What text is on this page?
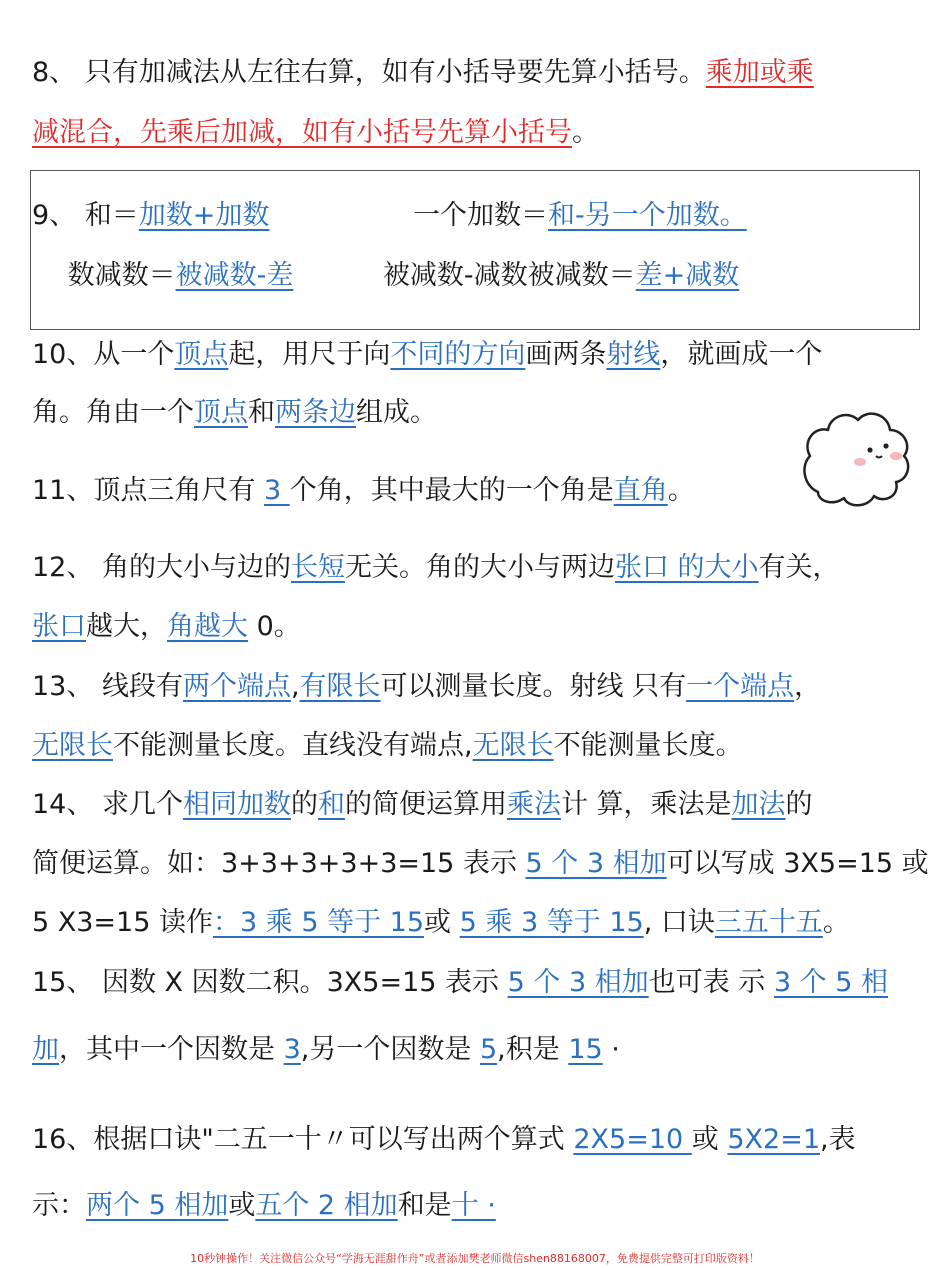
8、 只有加减法从左往右算，如有小括导要先算小括号。乘加或乘
减混合，先乘后加减，如有小括号先算小括号。
9、 和＝加数+加数　　　　　 一个加数＝和-另一个加数。
　 数减数＝被减数-差　　　 被减数-减数被减数＝差+减数
10、从一个顶点起，用尺于向不同的方向画两条射线，就画成一个
角。角由一个顶点和两条边组成。
11、顶点三角尺有 3 个角，其中最大的一个角是直角。
12、 角的大小与边的长短无关。角的大小与两边张口 的大小有关，
张口越大，角越大 0。
13、 线段有两个端点,有限长可以测量长度。射线 只有一个端点，
无限长不能测量长度。直线没有端点,无限长不能测量长度。
14、 求几个相同加数的和的简便运算用乘法计 算，乘法是加法的
简便运算。如：3+3+3+3+3=15 表示 5 个 3 相加可以写成 3X5=15 或
5 X3=15 读作：3 乘 5 等于 15或 5 乘 3 等于 15, 口诀三五十五。
15、 因数 X 因数二积。3X5=15 表示 5 个 3 相加也可表 示 3 个 5 相
加，其中一个因数是 3,另一个因数是 5,积是 15 ·
16、根据口诀"二五一十〃可以写出两个算式 2X5=10 或 5X2=1,表
示：两个 5 相加或五个 2 相加和是十 ·
10秒钟操作！关注微信公众号“学海无涯甜作舟”或者添加樊老师微信shen88168007，免费提供完整可打印版资料！
